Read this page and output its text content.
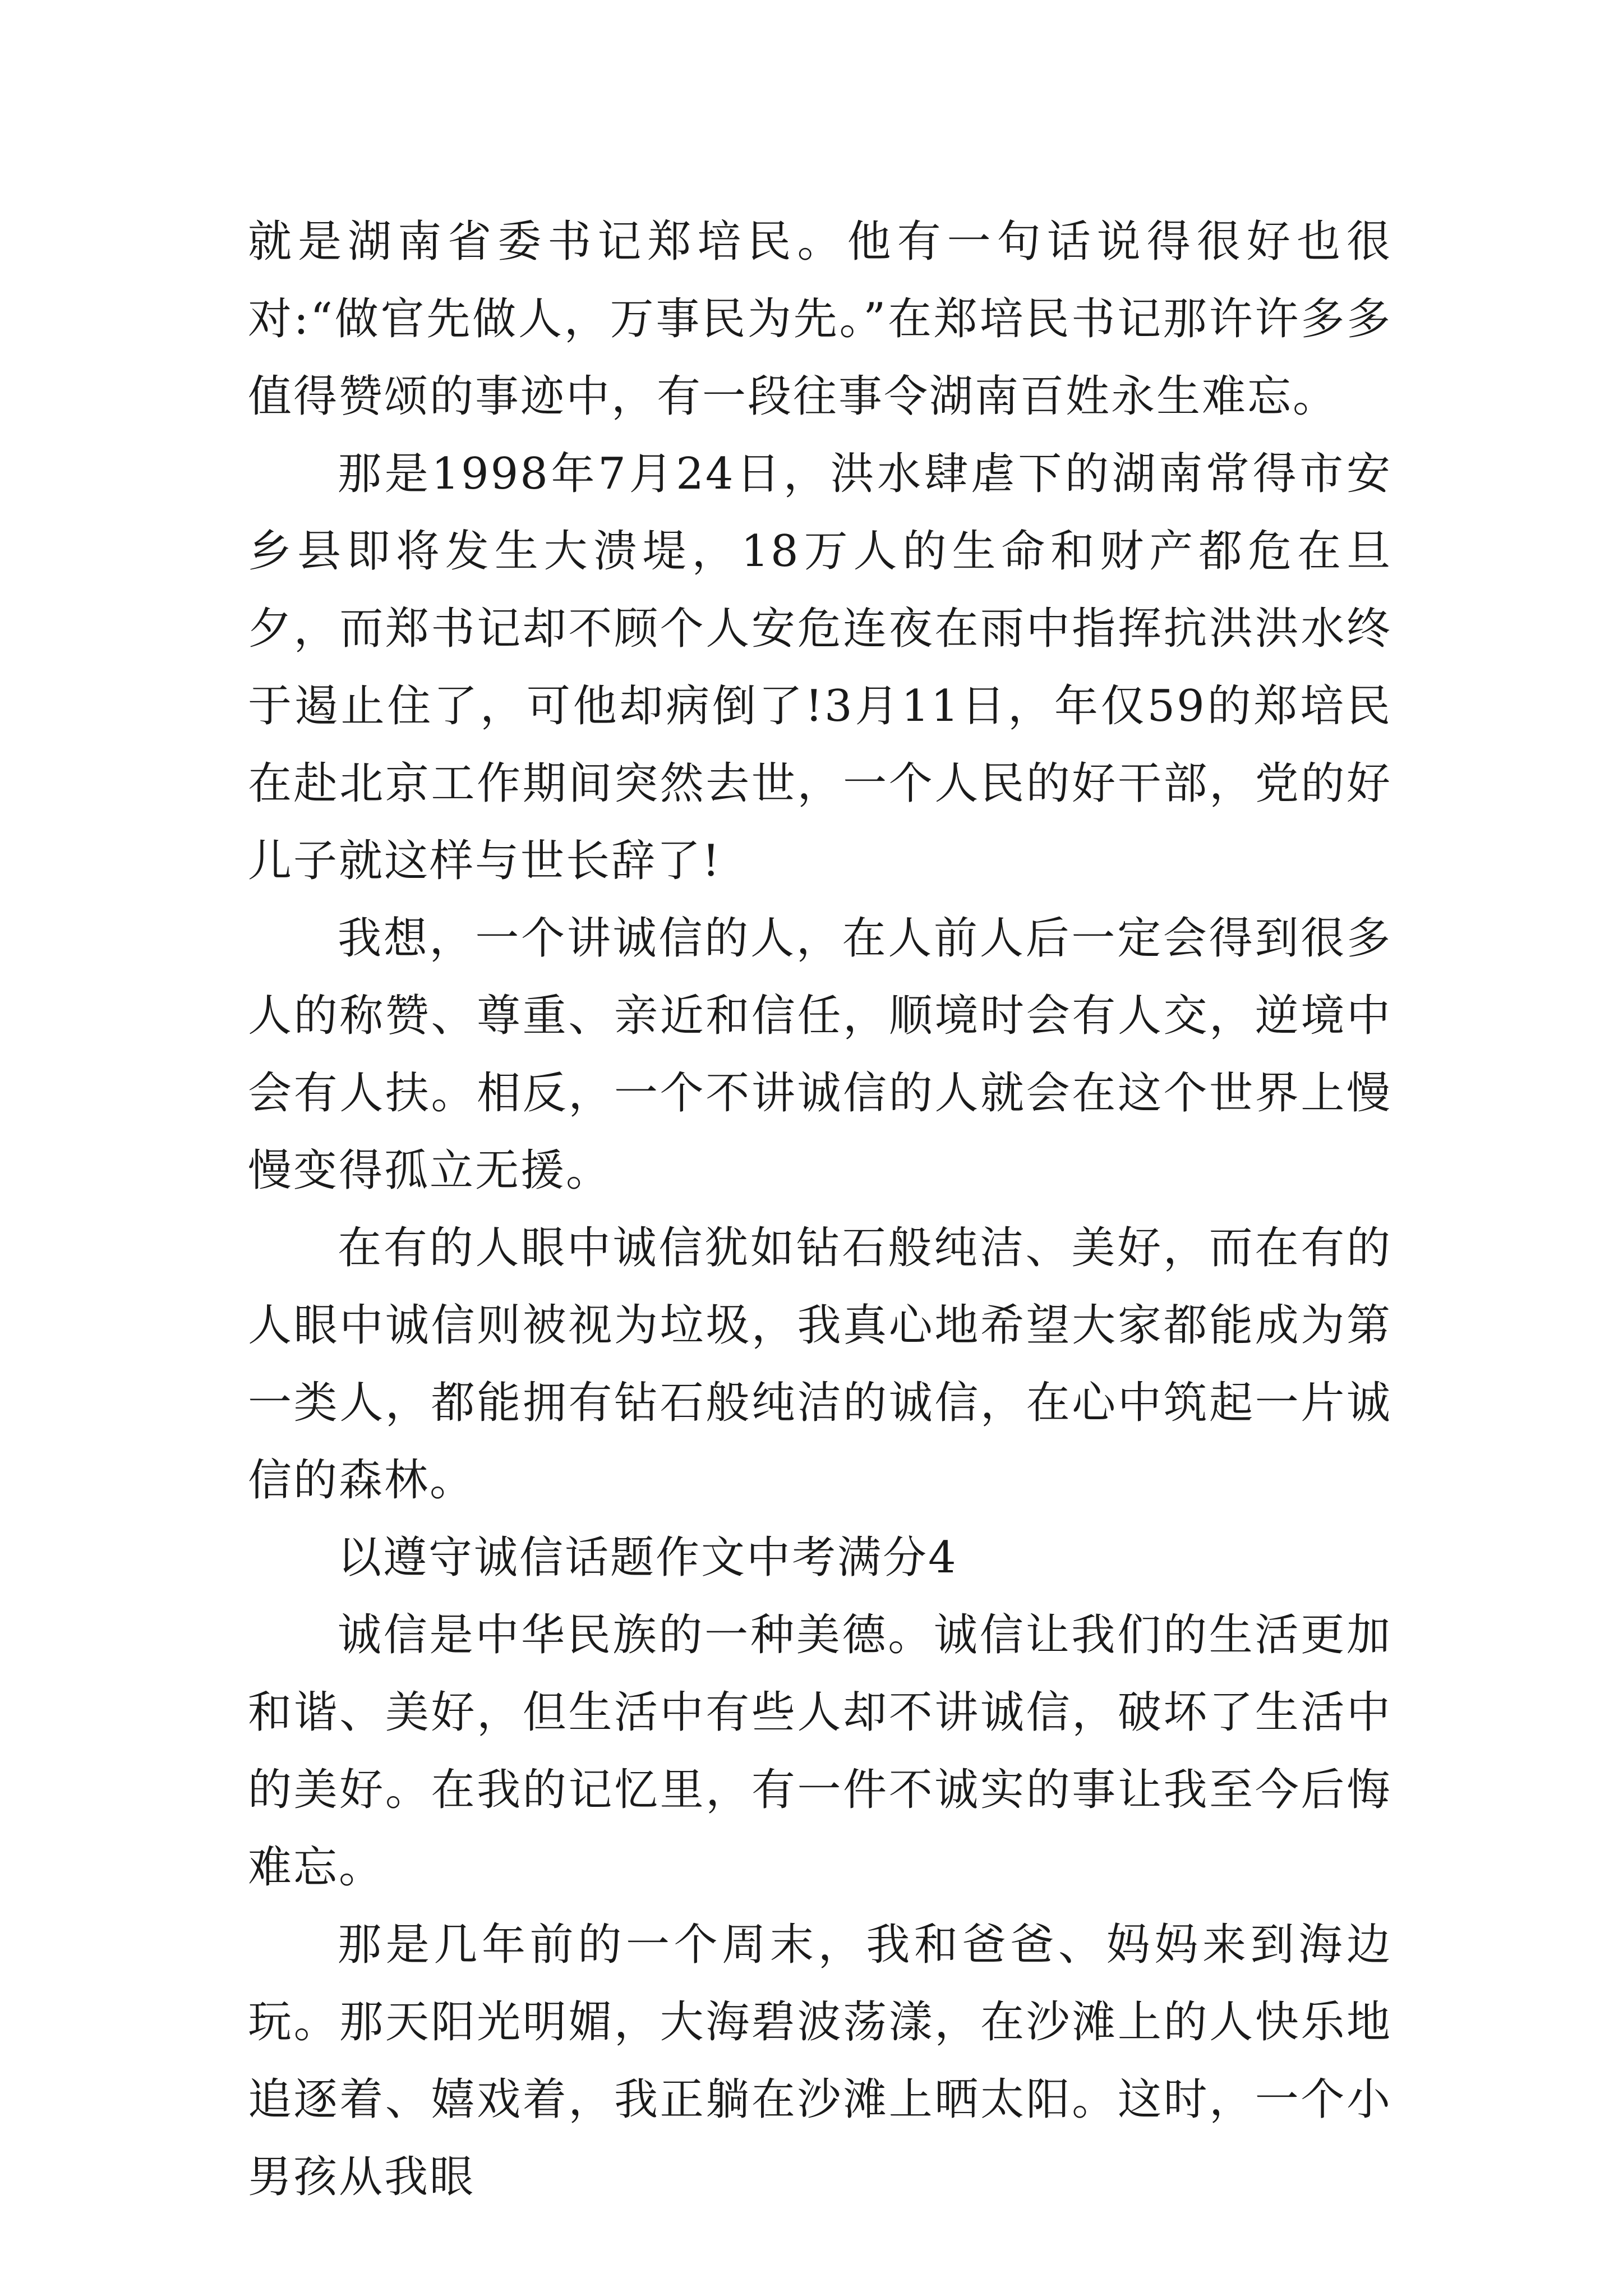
就是湖南省委书记郑培民。他有一句话说得很好也很对:“做官先做人，万事民为先。”在郑培民书记那许许多多值得赞颂的事迹中，有一段往事令湖南百姓永生难忘。

那是1998年7月24日，洪水肆虐下的湖南常得市安乡县即将发生大溃堤，18万人的生命和财产都危在旦夕，而郑书记却不顾个人安危连夜在雨中指挥抗洪洪水终于遏止住了，可他却病倒了!3月11日，年仅59的郑培民在赴北京工作期间突然去世，一个人民的好干部，党的好儿子就这样与世长辞了!

我想，一个讲诚信的人，在人前人后一定会得到很多人的称赞、尊重、亲近和信任，顺境时会有人交，逆境中会有人扶。相反，一个不讲诚信的人就会在这个世界上慢慢变得孤立无援。

在有的人眼中诚信犹如钻石般纯洁、美好，而在有的人眼中诚信则被视为垃圾，我真心地希望大家都能成为第一类人，都能拥有钻石般纯洁的诚信，在心中筑起一片诚信的森林。

以遵守诚信话题作文中考满分4

诚信是中华民族的一种美德。诚信让我们的生活更加和谐、美好，但生活中有些人却不讲诚信，破坏了生活中的美好。在我的记忆里，有一件不诚实的事让我至今后悔难忘。

那是几年前的一个周末，我和爸爸、妈妈来到海边玩。那天阳光明媚，大海碧波荡漾，在沙滩上的人快乐地追逐着、嬉戏着，我正躺在沙滩上晒太阳。这时，一个小男孩从我眼
